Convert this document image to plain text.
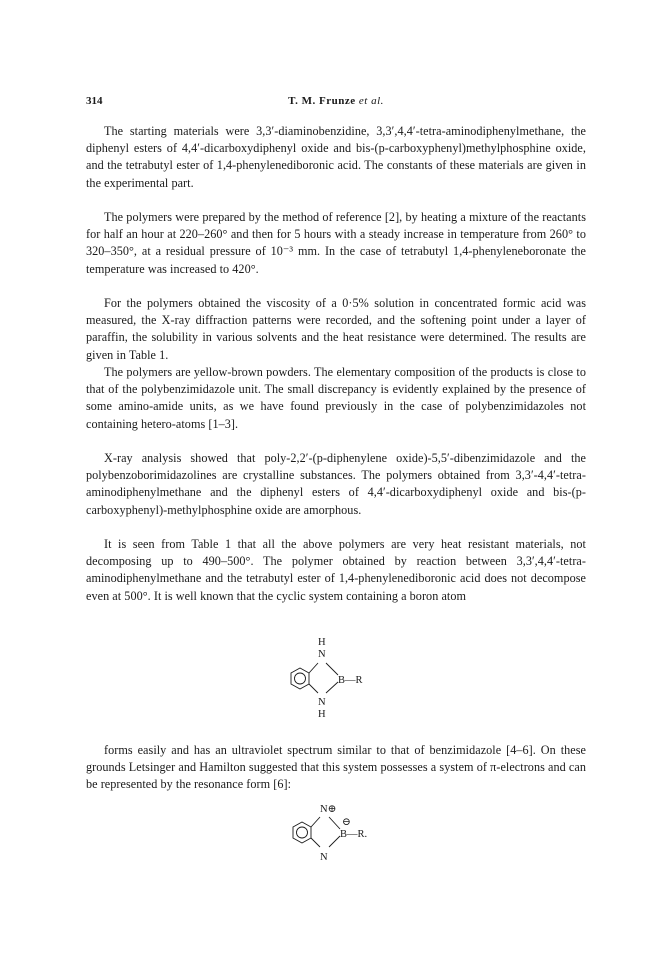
314	T. M. Frunze et al.

The starting materials were 3,3′-diaminobenzidine, 3,3′,4,4′-tetra-aminodiphenylmethane, the diphenyl esters of 4,4′-dicarboxydiphenyl oxide and bis-(p-carboxyphenyl)methylphosphine oxide, and the tetrabutyl ester of 1,4-phenylenediboronic acid. The constants of these materials are given in the experimental part.

The polymers were prepared by the method of reference [2], by heating a mixture of the reactants for half an hour at 220–260° and then for 5 hours with a steady increase in temperature from 260° to 320–350°, at a residual pressure of 10⁻³ mm. In the case of tetrabutyl 1,4-phenyleneboronate the temperature was increased to 420°.

For the polymers obtained the viscosity of a 0·5% solution in concentrated formic acid was measured, the X-ray diffraction patterns were recorded, and the softening point under a layer of paraffin, the solubility in various solvents and the heat resistance were determined. The results are given in Table 1.

The polymers are yellow-brown powders. The elementary composition of the products is close to that of the polybenzimidazole unit. The small discrepancy is evidently explained by the presence of some amino-amide units, as we have found previously in the case of polybenzimidazoles not containing hetero-atoms [1–3].

X-ray analysis showed that poly-2,2′-(p-diphenylene oxide)-5,5′-dibenzimidazole and the polybenzoborimidazolines are crystalline substances. The polymers obtained from 3,3′-4,4′-tetra-aminodiphenylmethane and the diphenyl esters of 4,4′-dicarboxydiphenyl oxide and bis-(p-carboxyphenyl)-methylphosphine oxide are amorphous.

It is seen from Table 1 that all the above polymers are very heat resistant materials, not decomposing up to 490–500°. The polymer obtained by reaction between 3,3′,4,4′-tetra-aminodiphenylmethane and the tetrabutyl ester of 1,4-phenylenediboronic acid does not decompose even at 500°. It is well known that the cyclic system containing a boron atom

H
N
B—R
N
H

forms easily and has an ultraviolet spectrum similar to that of benzimidazole [4–6]. On these grounds Letsinger and Hamilton suggested that this system possesses a system of π-electrons and can be represented by the resonance form [6]:

N⊕
⊖
B—R.
N
